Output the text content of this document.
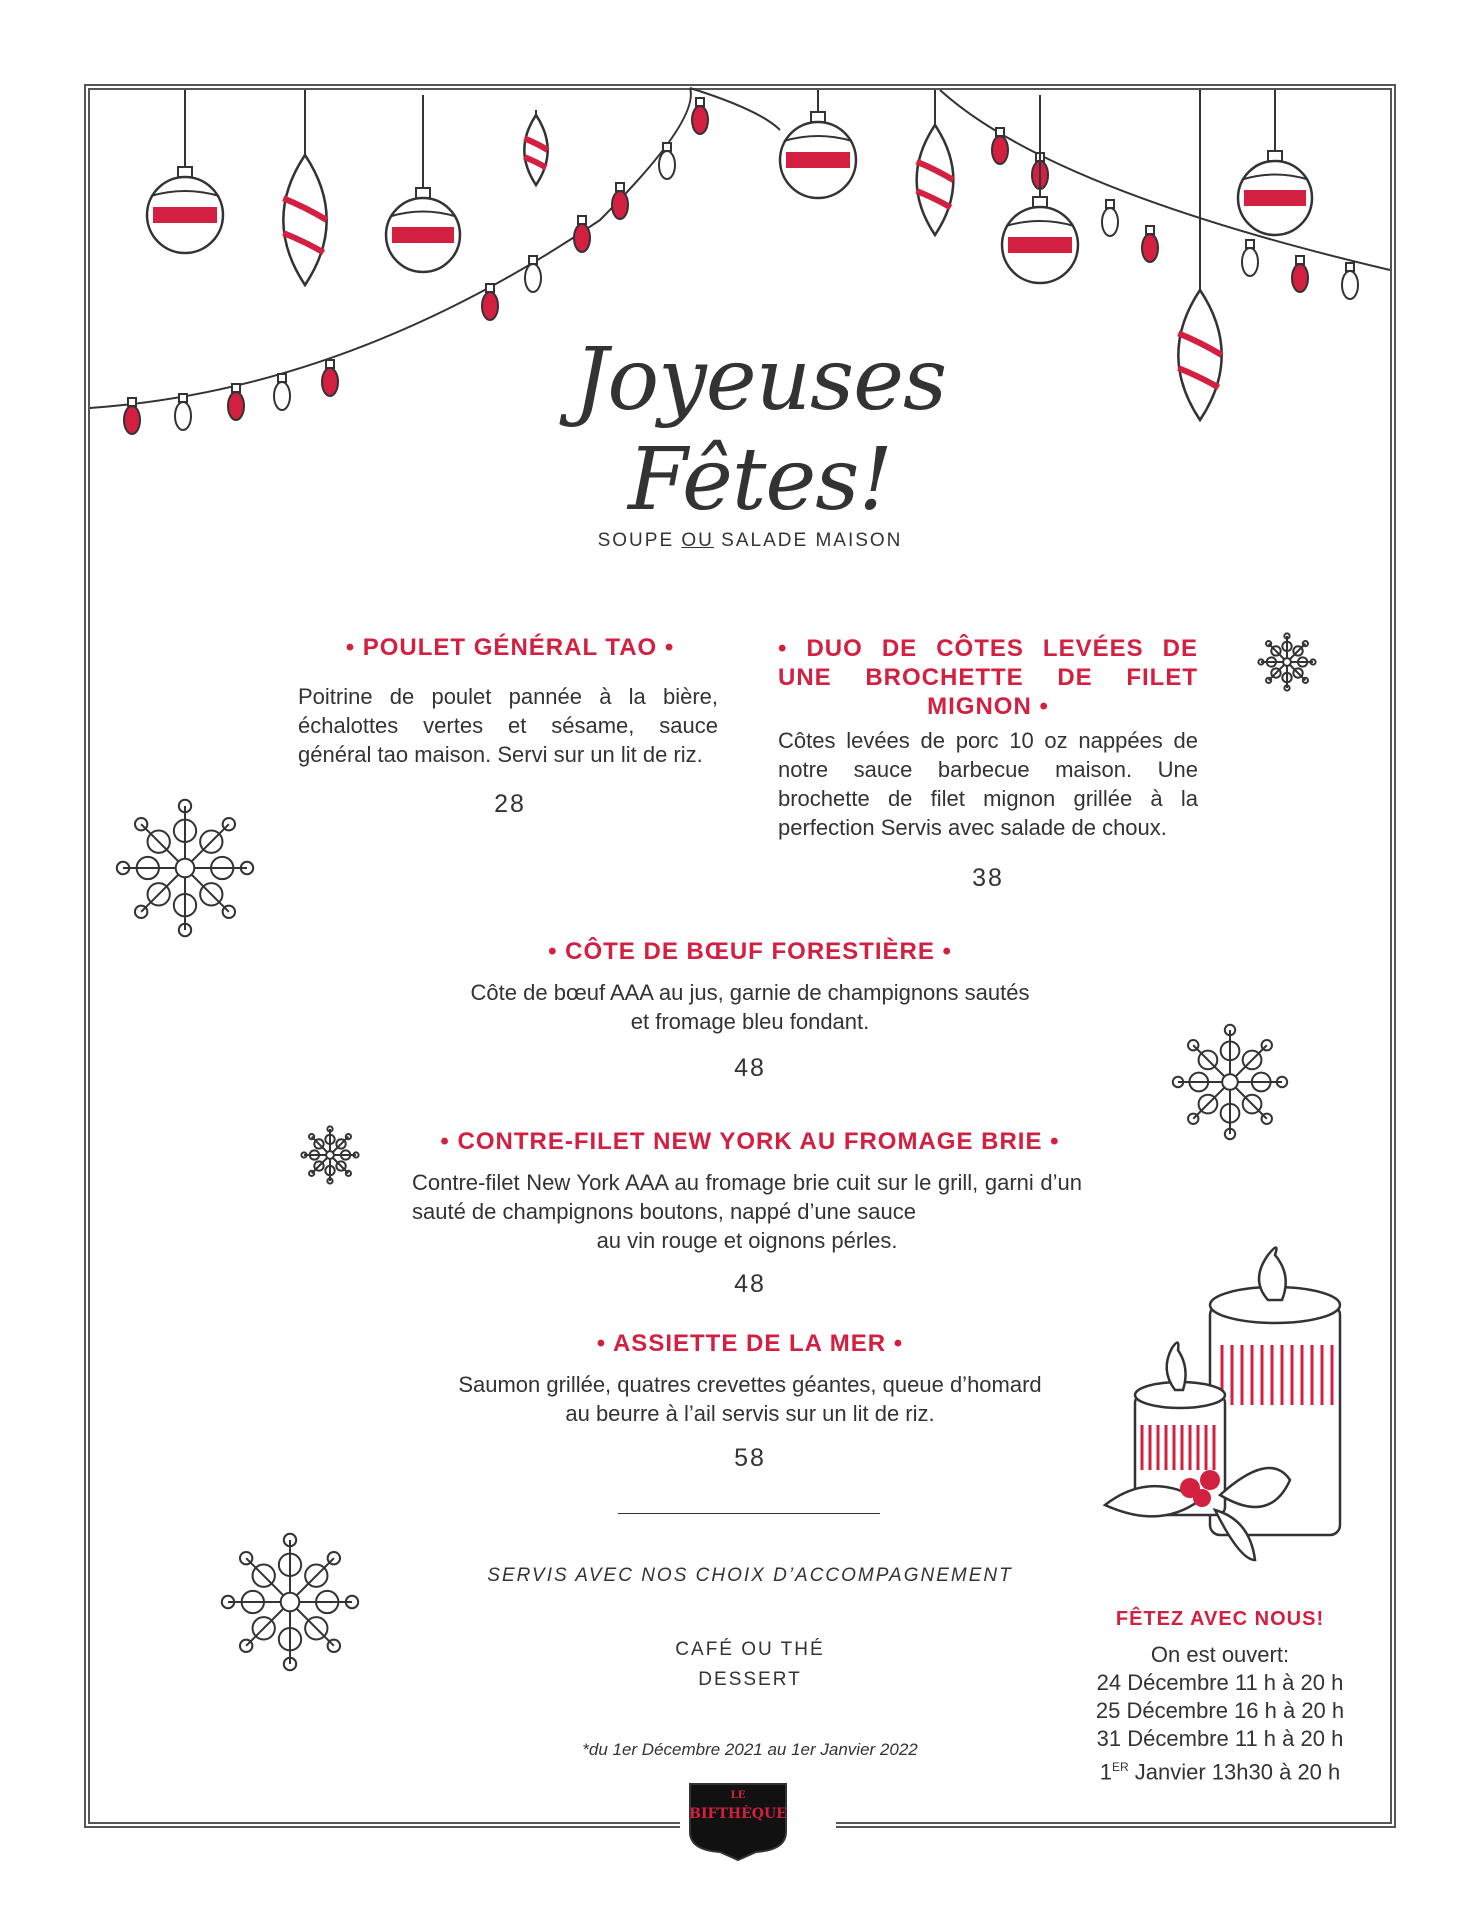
Joyeuses Fêtes!
SOUPE OU SALADE MAISON
• POULET GÉNÉRAL TAO •
Poitrine de poulet pannée à la bière, échalottes vertes et sésame, sauce général tao maison. Servi sur un lit de riz.
28
• DUO DE CÔTES LEVÉES DE UNE BROCHETTE DE FILET MIGNON •
Côtes levées de porc 10 oz nappées de notre sauce barbecue maison. Une brochette de filet mignon grillée à la perfection Servis avec salade de choux.
38
• CÔTE DE BŒUF FORESTIÈRE •
Côte de bœuf AAA au jus, garnie de champignons sautés
et fromage bleu fondant.
48
• CONTRE-FILET NEW YORK AU FROMAGE BRIE •
Contre-filet New York AAA au fromage brie cuit sur le grill, garni d’un sauté de champignons boutons, nappé d’une sauce
au vin rouge et oignons pérles.
48
• ASSIETTE DE LA MER •
Saumon grillée, quatres crevettes géantes, queue d’homard
au beurre à l’ail servis sur un lit de riz.
58
SERVIS AVEC NOS CHOIX D’ACCOMPAGNEMENT
CAFÉ OU THÉ
DESSERT
*du 1er Décembre 2021 au 1er Janvier 2022
FÊTEZ AVEC NOUS!
On est ouvert:
24 Décembre 11 h à 20 h
25 Décembre 16 h à 20 h
31 Décembre 11 h à 20 h
1ER Janvier 13h30 à 20 h
LE
BIFTHÈQUE
